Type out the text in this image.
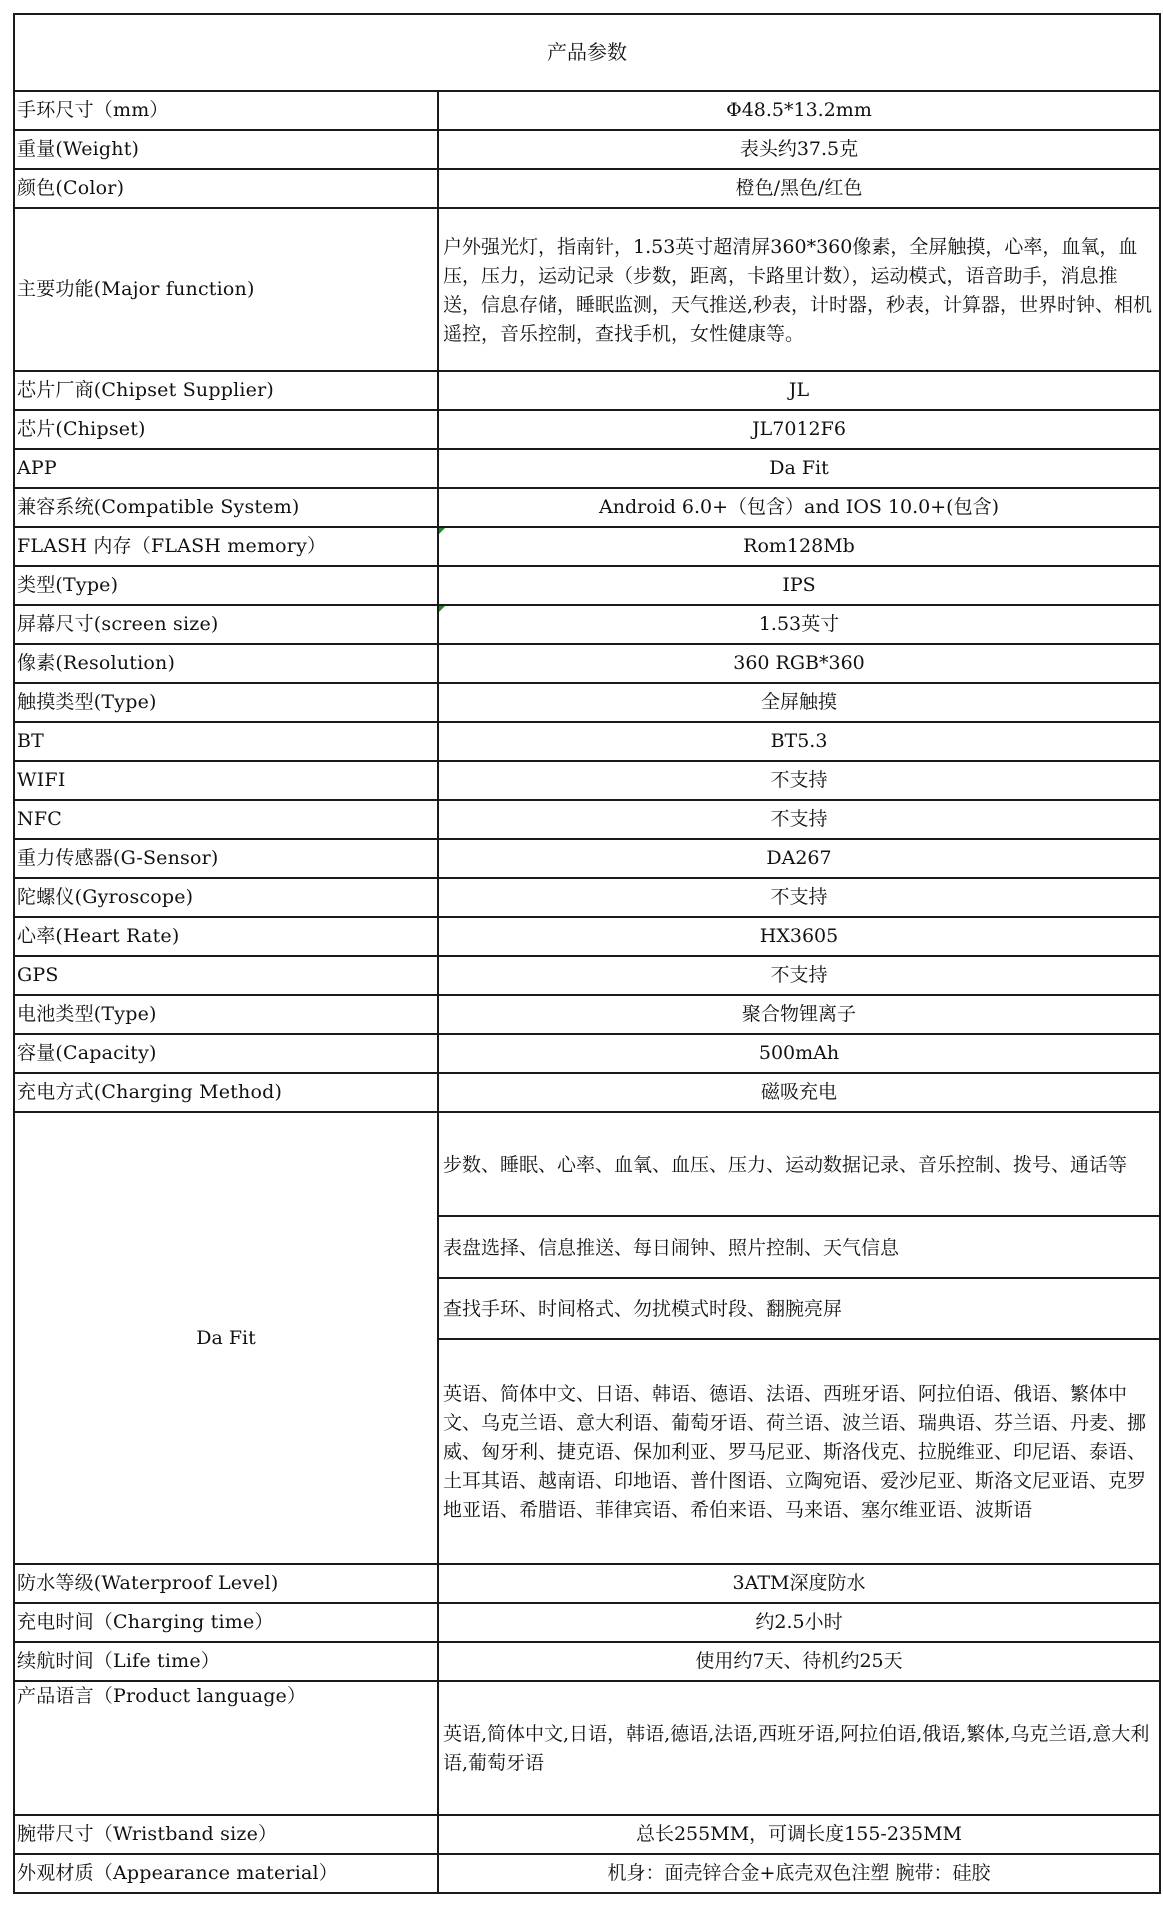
产品参数	
手环尺寸（mm）	Φ48.5*13.2mm
重量(Weight)	表头约37.5克
颜色(Color)	橙色/黑色/红色
主要功能(Major function)	户外强光灯，指南针，1.53英寸超清屏360*360像素，全屏触摸，心率，血氧，血压，压力，运动记录（步数，距离，卡路里计数），运动模式，语音助手，消息推送，信息存储，睡眠监测，天气推送,秒表，计时器，秒表，计算器，世界时钟、相机遥控，音乐控制，查找手机，女性健康等。
芯片厂商(Chipset Supplier)	JL
芯片(Chipset)	JL7012F6
APP	Da Fit
兼容系统(Compatible System)	Android 6.0+（包含）and IOS 10.0+(包含)
FLASH 内存（FLASH memory）	Rom128Mb
类型(Type)	IPS
屏幕尺寸(screen size)	1.53英寸
像素(Resolution)	360 RGB*360
触摸类型(Type)	全屏触摸
BT	BT5.3
WIFI	不支持
NFC	不支持
重力传感器(G-Sensor)	DA267
陀螺仪(Gyroscope)	不支持
心率(Heart Rate)	HX3605
GPS	不支持
电池类型(Type)	聚合物锂离子
容量(Capacity)	500mAh
充电方式(Charging Method)	磁吸充电
Da Fit	步数、睡眠、心率、血氧、血压、压力、运动数据记录、音乐控制、拨号、通话等
	表盘选择、信息推送、每日闹钟、照片控制、天气信息
	查找手环、时间格式、勿扰模式时段、翻腕亮屏
	英语、简体中文、日语、韩语、德语、法语、西班牙语、阿拉伯语、俄语、繁体中文、乌克兰语、意大利语、葡萄牙语、荷兰语、波兰语、瑞典语、芬兰语、丹麦、挪威、匈牙利、捷克语、保加利亚、罗马尼亚、斯洛伐克、拉脱维亚、印尼语、泰语、土耳其语、越南语、印地语、普什图语、立陶宛语、爱沙尼亚、斯洛文尼亚语、克罗地亚语、希腊语、菲律宾语、希伯来语、马来语、塞尔维亚语、波斯语
防水等级(Waterproof Level)	3ATM深度防水
充电时间（Charging time）	约2.5小时
续航时间（Life time）	使用约7天、待机约25天
产品语言（Product language）	英语,简体中文,日语，韩语,德语,法语,西班牙语,阿拉伯语,俄语,繁体,乌克兰语,意大利语,葡萄牙语
腕带尺寸（Wristband size）	总长255MM，可调长度155-235MM
外观材质（Appearance material）	机身：面壳锌合金+底壳双色注塑 腕带：硅胶
